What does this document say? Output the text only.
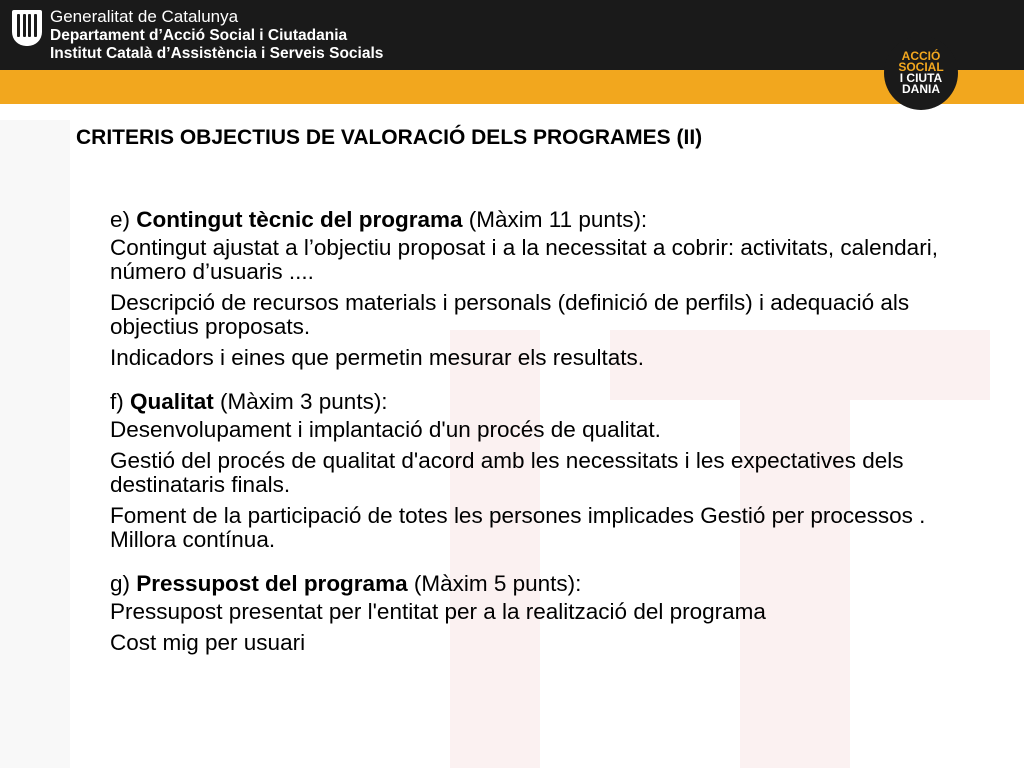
Generalitat de Catalunya
Departament d’Acció Social i Ciutadania
Institut Català d’Assistència i Serveis Socials	ACCIÓ
SOCIAL
I CIUTA
DANIA
CRITERIS OBJECTIUS DE VALORACIÓ DELS PROGRAMES (II)
e) Contingut tècnic del programa (Màxim 11 punts):
Contingut ajustat a l’objectiu proposat i a la necessitat a cobrir: activitats, calendari, número d’usuaris ....
Descripció de recursos materials i personals (definició de perfils) i adequació als objectius proposats.
Indicadors i eines que permetin mesurar els resultats.
f) Qualitat (Màxim 3 punts):
Desenvolupament i implantació d'un procés de qualitat.
Gestió del procés de qualitat d'acord amb les necessitats i les expectatives dels destinataris finals.
Foment de la participació de totes les persones implicades Gestió per processos . Millora contínua.
g) Pressupost del programa (Màxim 5 punts):
Pressupost presentat per l'entitat per a la realització del programa
Cost mig per usuari
